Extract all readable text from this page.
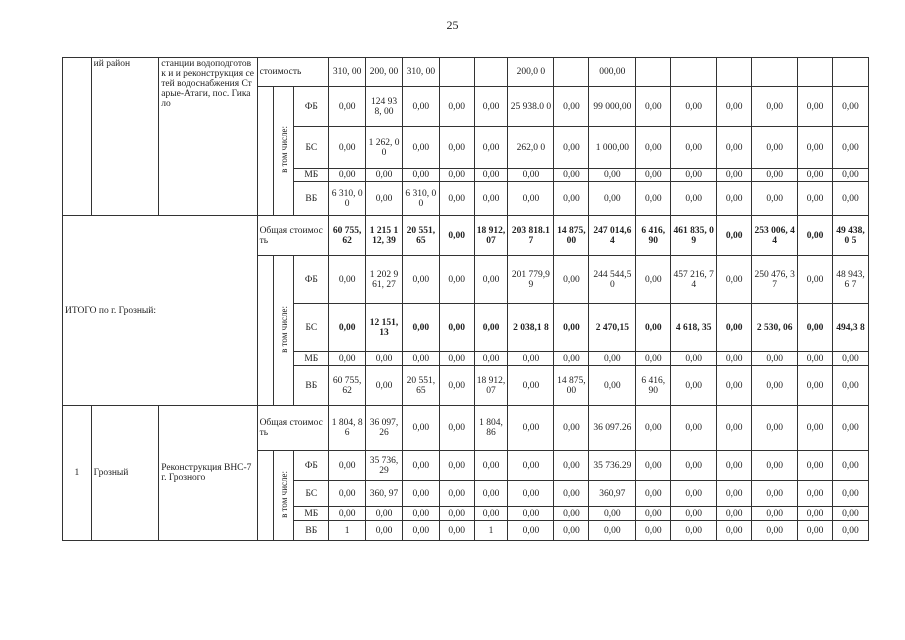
25
	ий район	станции водоподготовк и и реконструкция сетей водоснабжения Старые-Атаги, пос. Гикало	стоимость			310, 00	200, 00	310, 00			200,0 0		000,00						
				в том числе:	ФБ	0,00	124 938, 00	0,00	0,00	0,00	25 938.0 0	0,00	99 000,00	0,00	0,00	0,00	0,00	0,00	0,00
					БС	0,00	1 262, 00	0,00	0,00	0,00	262,0 0	0,00	1 000,00	0,00	0,00	0,00	0,00	0,00	0,00
					МБ	0,00	0,00	0,00	0,00	0,00	0,00	0,00	0,00	0,00	0,00	0,00	0,00	0,00	0,00
					ВБ	6 310, 00	0,00	6 310, 00	0,00	0,00	0,00	0,00	0,00	0,00	0,00	0,00	0,00	0,00	0,00
ИТОГО по г. Грозный:			Общая стоимость			60 755, 62	1 215 112, 39	20 551, 65	0,00	18 912, 07	203 818.1 7	14 875, 00	247 014,64	6 416, 90	461 835, 09	0,00	253 006, 44	0,00	49 438,0 5
				в том числе:	ФБ	0,00	1 202 961, 27	0,00	0,00	0,00	201 779,9 9	0,00	244 544,50	0,00	457 216, 74	0,00	250 476, 37	0,00	48 943,6 7
					БС	0,00	12 151, 13	0,00	0,00	0,00	2 038,1 8	0,00	2 470,15	0,00	4 618, 35	0,00	2 530, 06	0,00	494,3 8
					МБ	0,00	0,00	0,00	0,00	0,00	0,00	0,00	0,00	0,00	0,00	0,00	0,00	0,00	0,00
					ВБ	60 755, 62	0,00	20 551, 65	0,00	18 912, 07	0,00	14 875, 00	0,00	6 416, 90	0,00	0,00	0,00	0,00	0,00
1	Грозный	Реконструкция ВНС-7 г. Грозного	Общая стоимость			1 804, 86	36 097, 26	0,00	0,00	1 804, 86	0,00	0,00	36 097.26	0,00	0,00	0,00	0,00	0,00	0,00
				в том числе:	ФБ	0,00	35 736, 29	0,00	0,00	0,00	0,00	0,00	35 736.29	0,00	0,00	0,00	0,00	0,00	0,00
					БС	0,00	360, 97	0,00	0,00	0,00	0,00	0,00	360,97	0,00	0,00	0,00	0,00	0,00	0,00
					МБ	0,00	0,00	0,00	0,00	0,00	0,00	0,00	0,00	0,00	0,00	0,00	0,00	0,00	0,00
					ВБ	1	0,00	0,00	0,00	1	0,00	0,00	0,00	0,00	0,00	0,00	0,00	0,00	0,00
